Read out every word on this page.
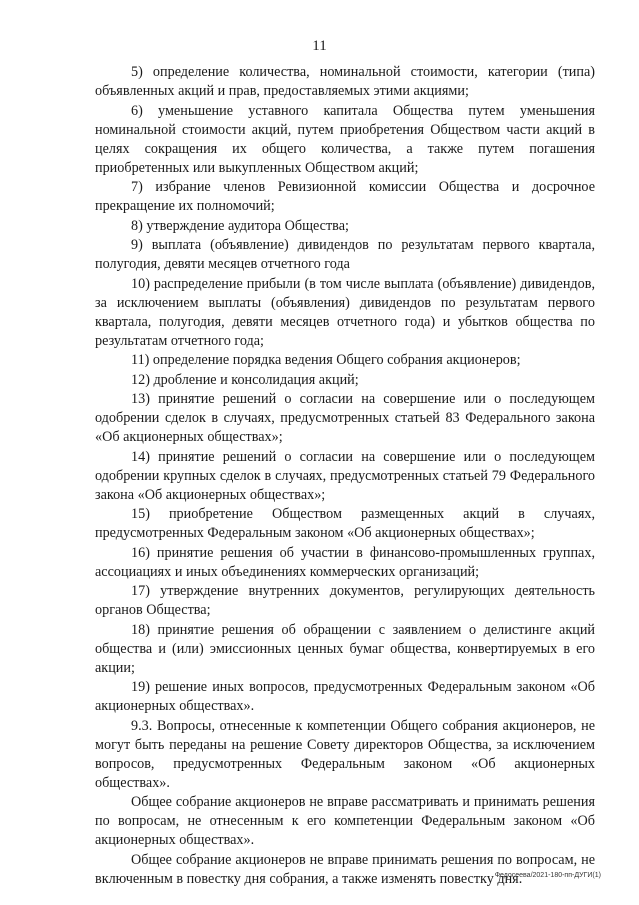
11

5) определение количества, номинальной стоимости, категории (типа) объявленных акций и прав, предоставляемых этими акциями;

6) уменьшение уставного капитала Общества путем уменьшения номинальной стоимости акций, путем приобретения Обществом части акций в целях сокращения их общего количества, а также путем погашения приобретенных или выкупленных Обществом акций;

7) избрание членов Ревизионной комиссии Общества и досрочное прекращение их полномочий;

8) утверждение аудитора Общества;

9) выплата (объявление) дивидендов по результатам первого квартала, полугодия, девяти месяцев отчетного года

10) распределение прибыли (в том числе выплата (объявление) дивидендов, за исключением выплаты (объявления) дивидендов по результатам первого квартала, полугодия, девяти месяцев отчетного года) и убытков общества по результатам отчетного года;

11) определение порядка ведения Общего собрания акционеров;

12) дробление и консолидация акций;

13) принятие решений о согласии на совершение или о последующем одобрении сделок в случаях, предусмотренных статьей 83 Федерального закона «Об акционерных обществах»;

14) принятие решений о согласии на совершение или о последующем одобрении крупных сделок в случаях, предусмотренных статьей 79 Федерального закона «Об акционерных обществах»;

15) приобретение Обществом размещенных акций в случаях, предусмотренных Федеральным законом «Об акционерных обществах»;

16) принятие решения об участии в финансово-промышленных группах, ассоциациях и иных объединениях коммерческих организаций;

17) утверждение внутренних документов, регулирующих деятельность органов Общества;

18) принятие решения об обращении с заявлением о делистинге акций общества и (или) эмиссионных ценных бумаг общества, конвертируемых в его акции;

19) решение иных вопросов, предусмотренных Федеральным законом «Об акционерных обществах».

9.3. Вопросы, отнесенные к компетенции Общего собрания акционеров, не могут быть переданы на решение Совету директоров Общества, за исключением вопросов, предусмотренных Федеральным законом «Об акционерных обществах».

Общее собрание акционеров не вправе рассматривать и принимать решения по вопросам, не отнесенным к его компетенции Федеральным законом «Об акционерных обществах».

Общее собрание акционеров не вправе принимать решения по вопросам, не включенным в повестку дня собрания, а также изменять повестку дня.

Федосеева/2021-180-пп-ДУГИ(1)
